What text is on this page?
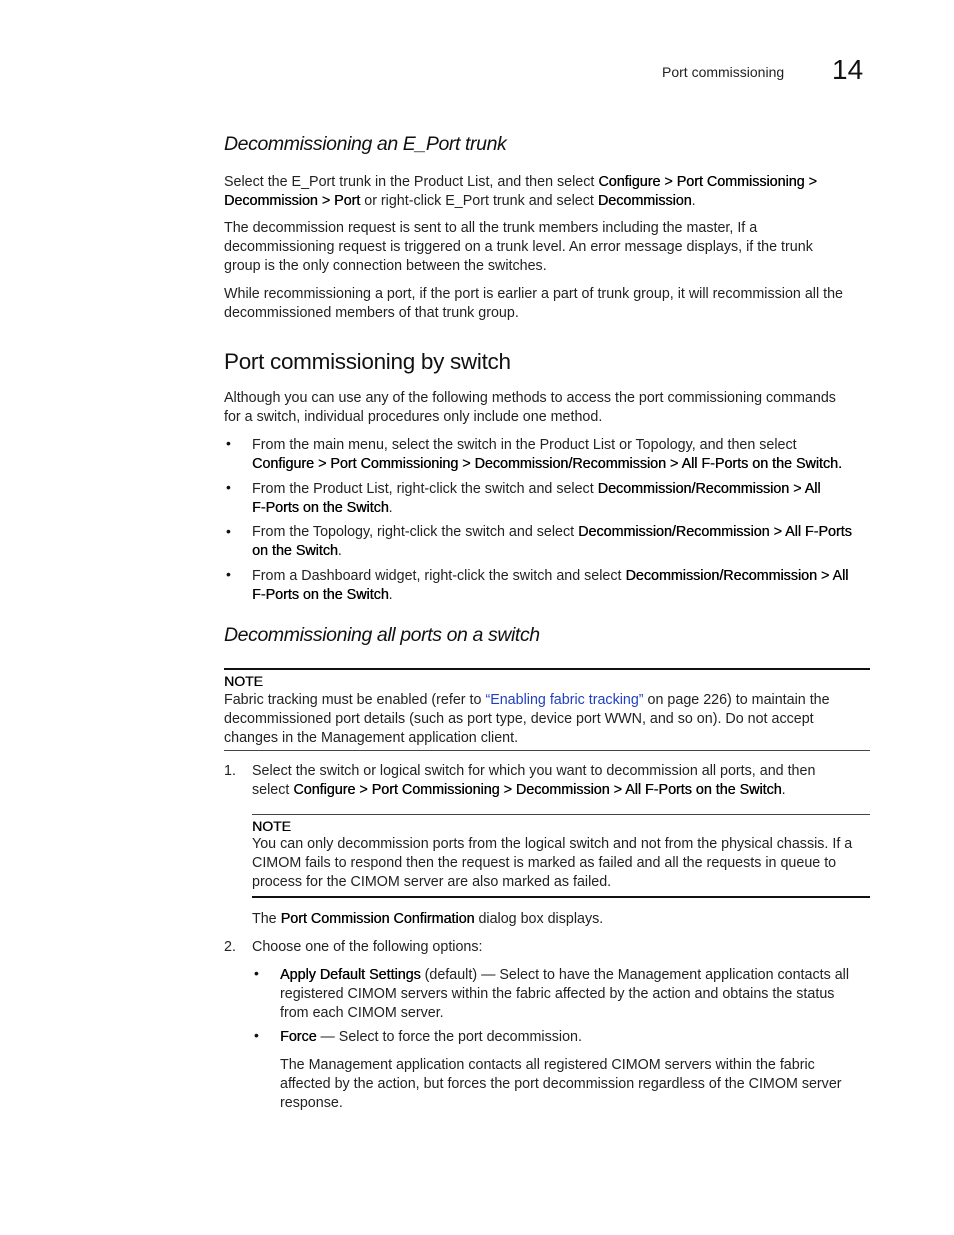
Port commissioning 14
Decommissioning an E_Port trunk
Select the E_Port trunk in the Product List, and then select Configure > Port Commissioning >
Decommission > Port or right-click E_Port trunk and select Decommission.
The decommission request is sent to all the trunk members including the master, If a
decommissioning request is triggered on a trunk level. An error message displays, if the trunk
group is the only connection between the switches.
While recommissioning a port, if the port is earlier a part of trunk group, it will recommission all the
decommissioned members of that trunk group.
Port commissioning by switch
Although you can use any of the following methods to access the port commissioning commands
for a switch, individual procedures only include one method.
• From the main menu, select the switch in the Product List or Topology, and then select
Configure > Port Commissioning > Decommission/Recommission > All F-Ports on the Switch.
• From the Product List, right-click the switch and select Decommission/Recommission > All
F-Ports on the Switch.
• From the Topology, right-click the switch and select Decommission/Recommission > All F-Ports
on the Switch.
• From a Dashboard widget, right-click the switch and select Decommission/Recommission > All
F-Ports on the Switch.
Decommissioning all ports on a switch
NOTE
Fabric tracking must be enabled (refer to “Enabling fabric tracking” on page 226) to maintain the
decommissioned port details (such as port type, device port WWN, and so on). Do not accept
changes in the Management application client.
1. Select the switch or logical switch for which you want to decommission all ports, and then
select Configure > Port Commissioning > Decommission > All F-Ports on the Switch.
NOTE
You can only decommission ports from the logical switch and not from the physical chassis. If a
CIMOM fails to respond then the request is marked as failed and all the requests in queue to
process for the CIMOM server are also marked as failed.
The Port Commission Confirmation dialog box displays.
2. Choose one of the following options:
• Apply Default Settings (default) — Select to have the Management application contacts all
registered CIMOM servers within the fabric affected by the action and obtains the status
from each CIMOM server.
• Force — Select to force the port decommission.
The Management application contacts all registered CIMOM servers within the fabric
affected by the action, but forces the port decommission regardless of the CIMOM server
response.
